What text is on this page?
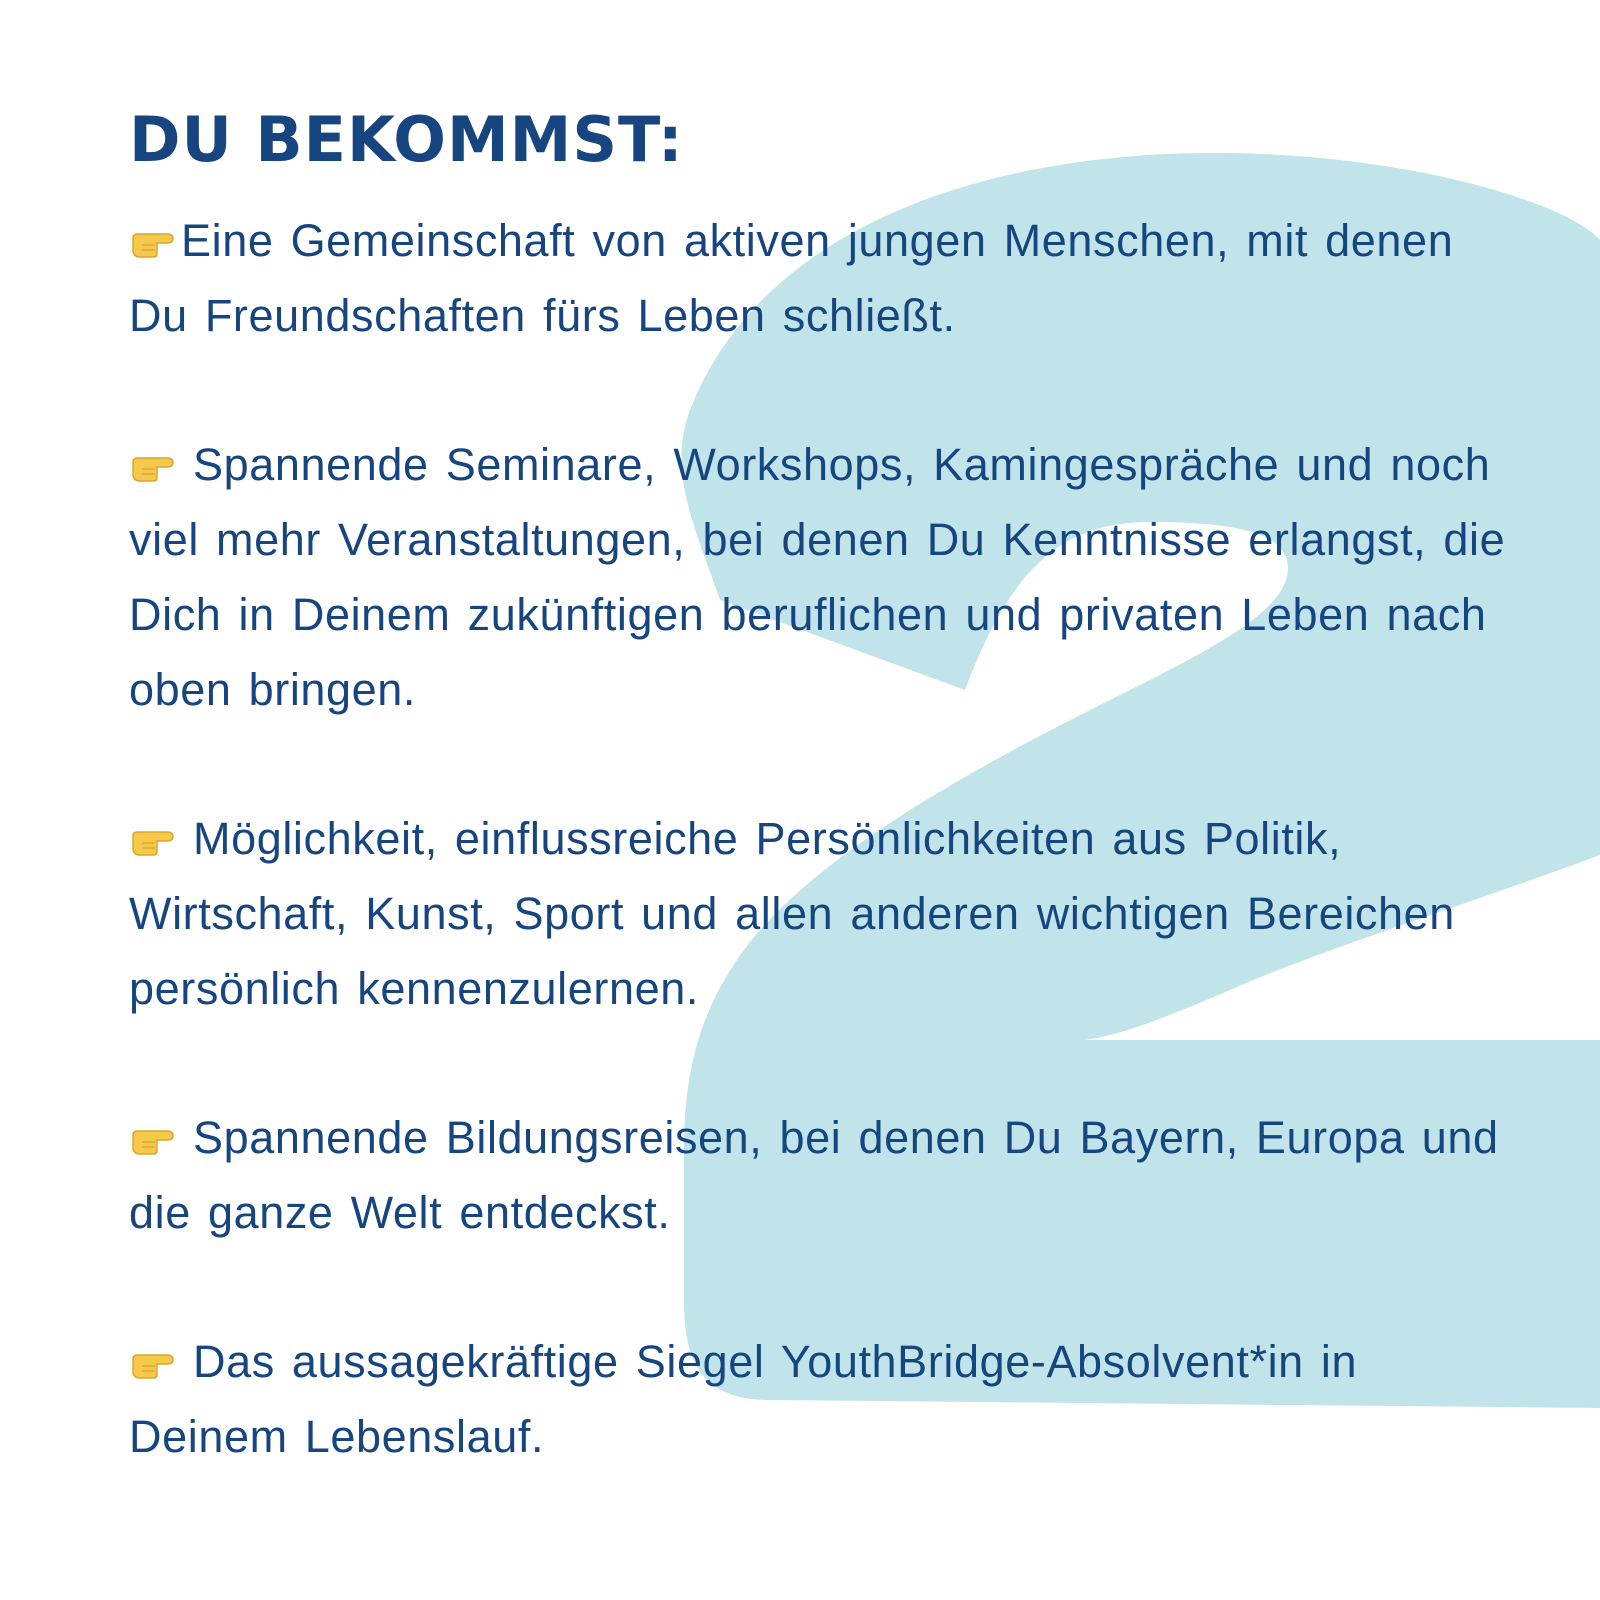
DU BEKOMMST:
Eine Gemeinschaft von aktiven jungen Menschen, mit denen Du Freundschaften fürs Leben schließt.
Spannende Seminare, Workshops, Kamingespräche und noch viel mehr Veranstaltungen, bei denen Du Kenntnisse erlangst, die Dich in Deinem zukünftigen beruflichen und privaten Leben nach oben bringen.
Möglichkeit, einflussreiche Persönlichkeiten aus Politik, Wirtschaft, Kunst, Sport und allen anderen wichtigen Bereichen persönlich kennenzulernen.
Spannende Bildungsreisen, bei denen Du Bayern, Europa und die ganze Welt entdeckst.
Das aussagekräftige Siegel YouthBridge-Absolvent*in in Deinem Lebenslauf.
